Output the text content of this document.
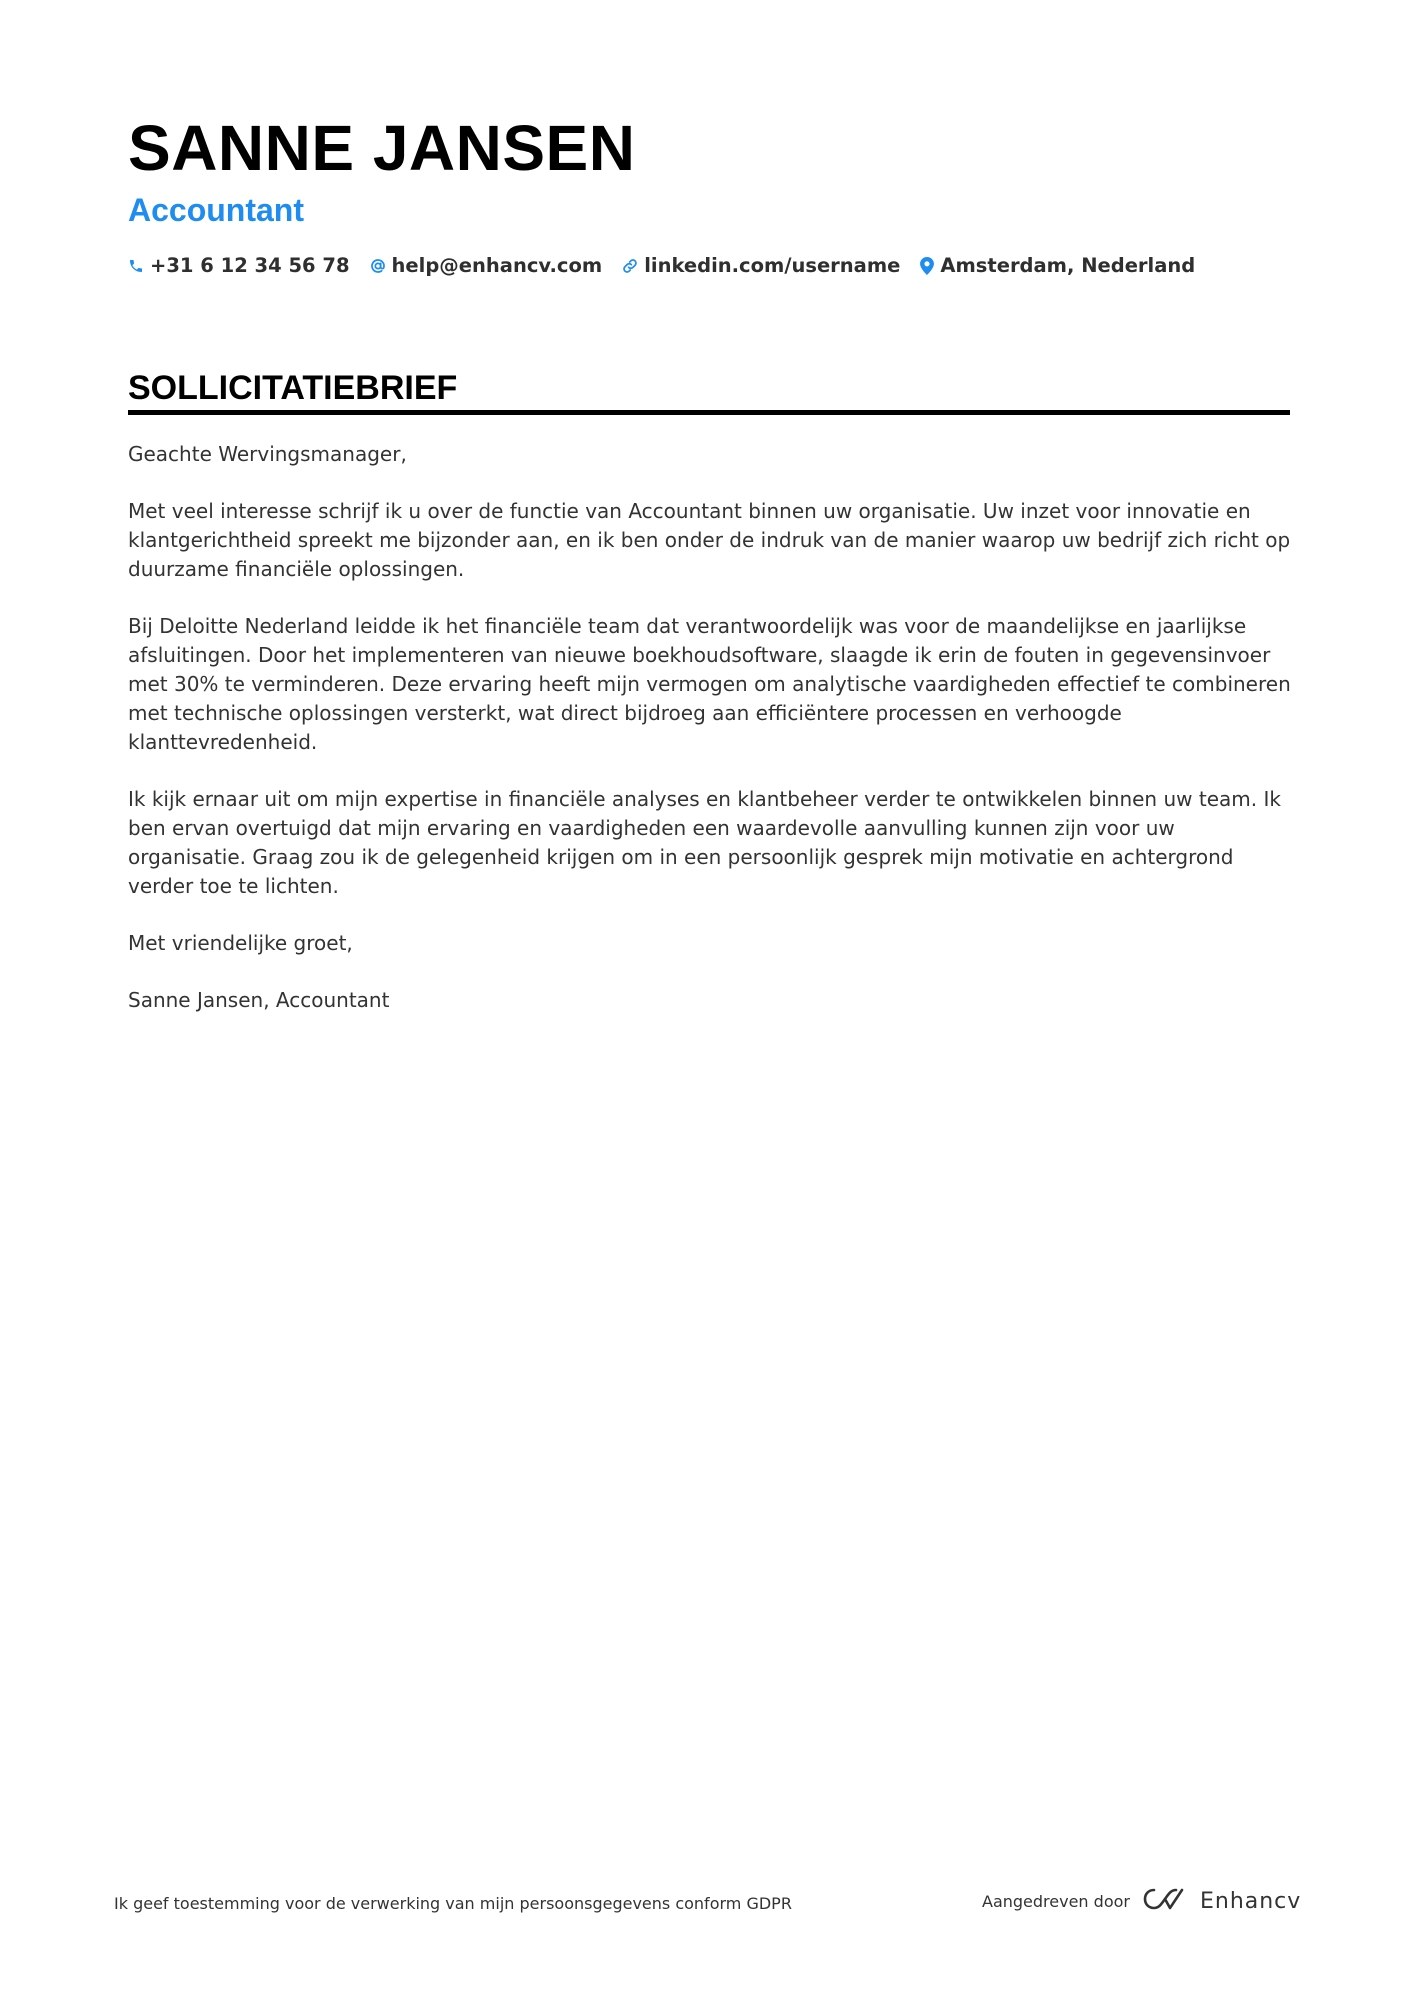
SANNE JANSEN
Accountant
+31 6 12 34 56 78 help@enhancv.com linkedin.com/username Amsterdam, Nederland
SOLLICITATIEBRIEF

Geachte Wervingsmanager,

Met veel interesse schrijf ik u over de functie van Accountant binnen uw organisatie. Uw inzet voor innovatie en klantgerichtheid spreekt me bijzonder aan, en ik ben onder de indruk van de manier waarop uw bedrijf zich richt op duurzame financiële oplossingen.

Bij Deloitte Nederland leidde ik het financiële team dat verantwoordelijk was voor de maandelijkse en jaarlijkse afsluitingen. Door het implementeren van nieuwe boekhoudsoftware, slaagde ik erin de fouten in gegevensinvoer met 30% te verminderen. Deze ervaring heeft mijn vermogen om analytische vaardigheden effectief te combineren met technische oplossingen versterkt, wat direct bijdroeg aan efficiëntere processen en verhoogde klanttevredenheid.

Ik kijk ernaar uit om mijn expertise in financiële analyses en klantbeheer verder te ontwikkelen binnen uw team. Ik ben ervan overtuigd dat mijn ervaring en vaardigheden een waardevolle aanvulling kunnen zijn voor uw organisatie. Graag zou ik de gelegenheid krijgen om in een persoonlijk gesprek mijn motivatie en achtergrond verder toe te lichten.

Met vriendelijke groet,

Sanne Jansen, Accountant

Ik geef toestemming voor de verwerking van mijn persoonsgegevens conform GDPR	Aangedreven door	Enhancv
